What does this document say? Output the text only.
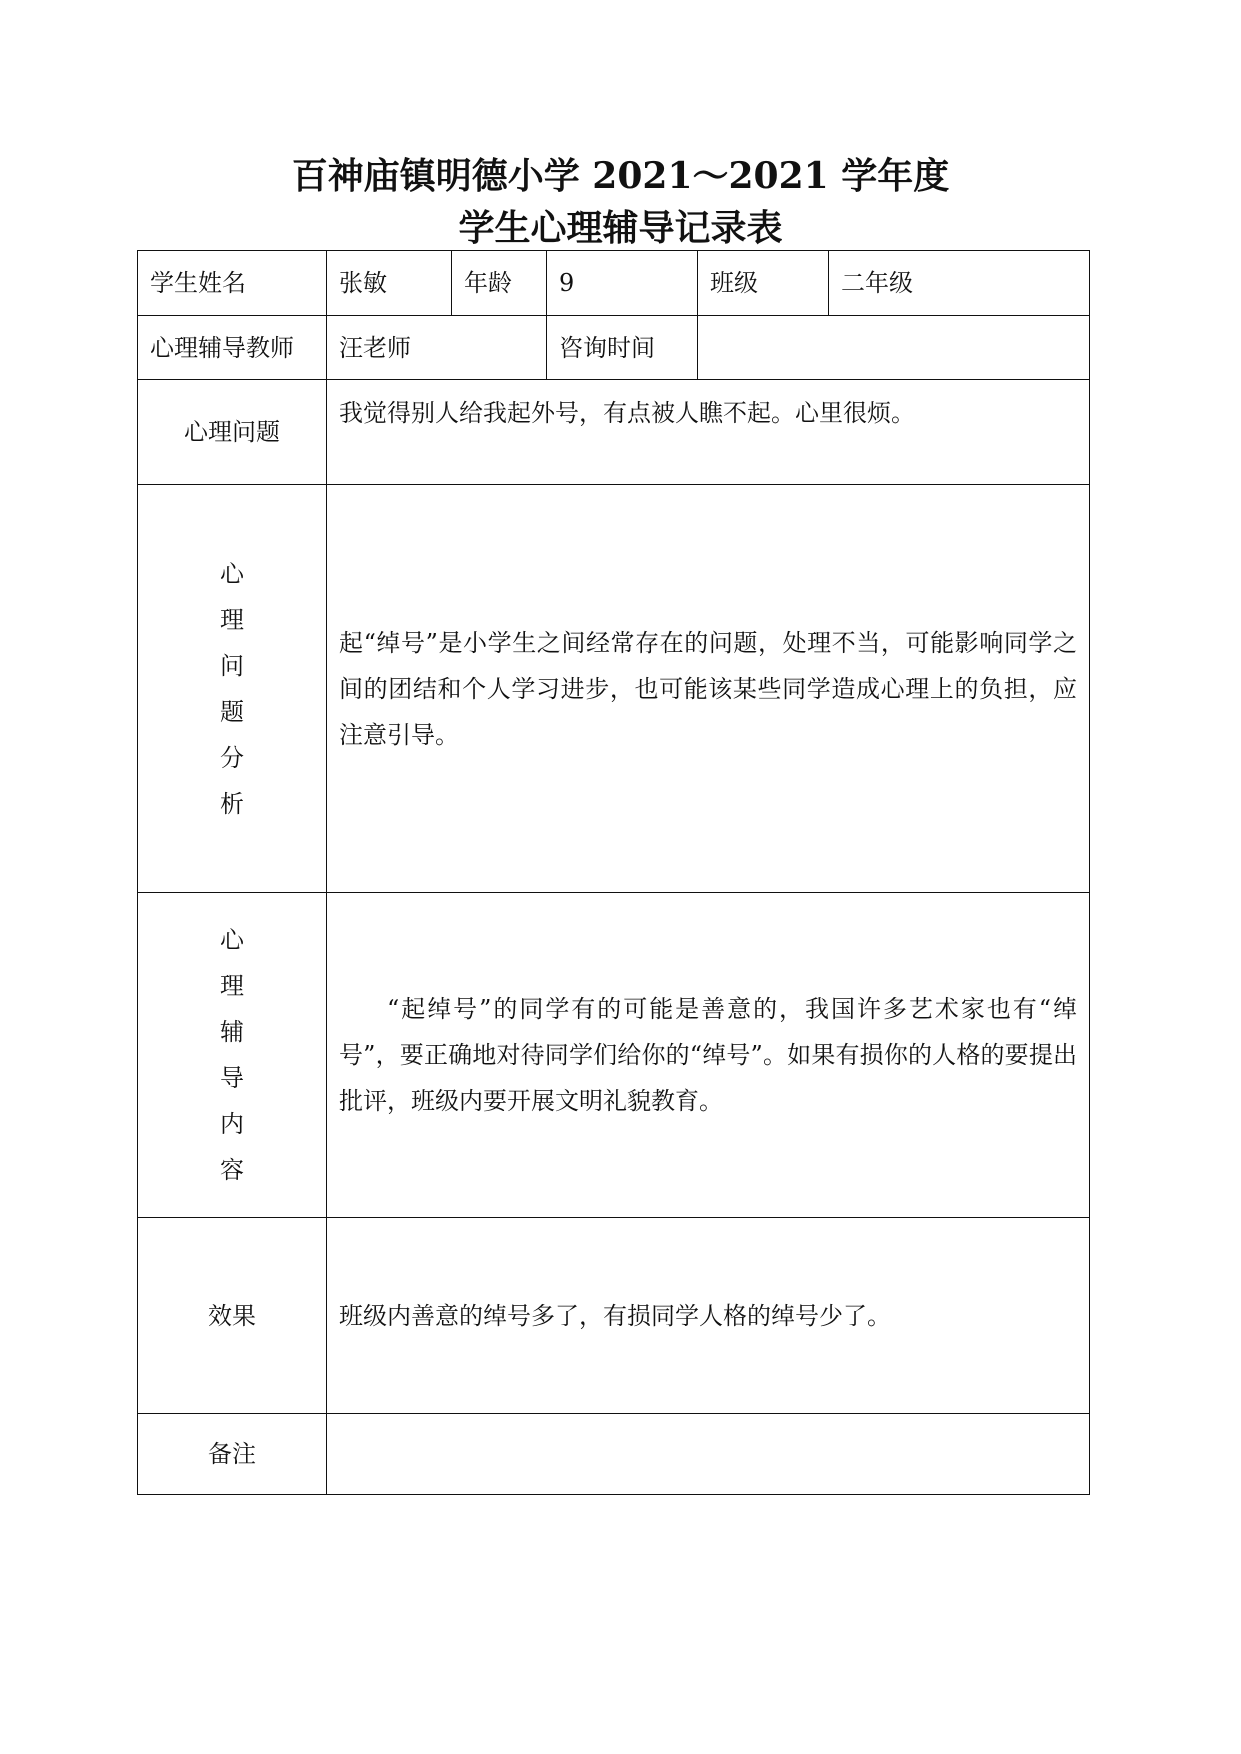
百神庙镇明德小学 2021～2021 学年度
学生心理辅导记录表
学生姓名	张敏	年龄	9	班级	二年级
心理辅导教师	汪老师		咨询时间		
心理问题	我觉得别人给我起外号，有点被人瞧不起。心里很烦。				
心理问题分析	起“绰号”是小学生之间经常存在的问题，处理不当，可能影响同学之间的团结和个人学习进步，也可能该某些同学造成心理上的负担，应注意引导。				

心理辅导内容	“起绰号”的同学有的可能是善意的，我国许多艺术家也有“绰号”，要正确地对待同学们给你的“绰号”。如果有损你的人格的要提出批评，班级内要开展文明礼貌教育。				

效果	班级内善意的绰号多了，有损同学人格的绰号少了。				
备注					
